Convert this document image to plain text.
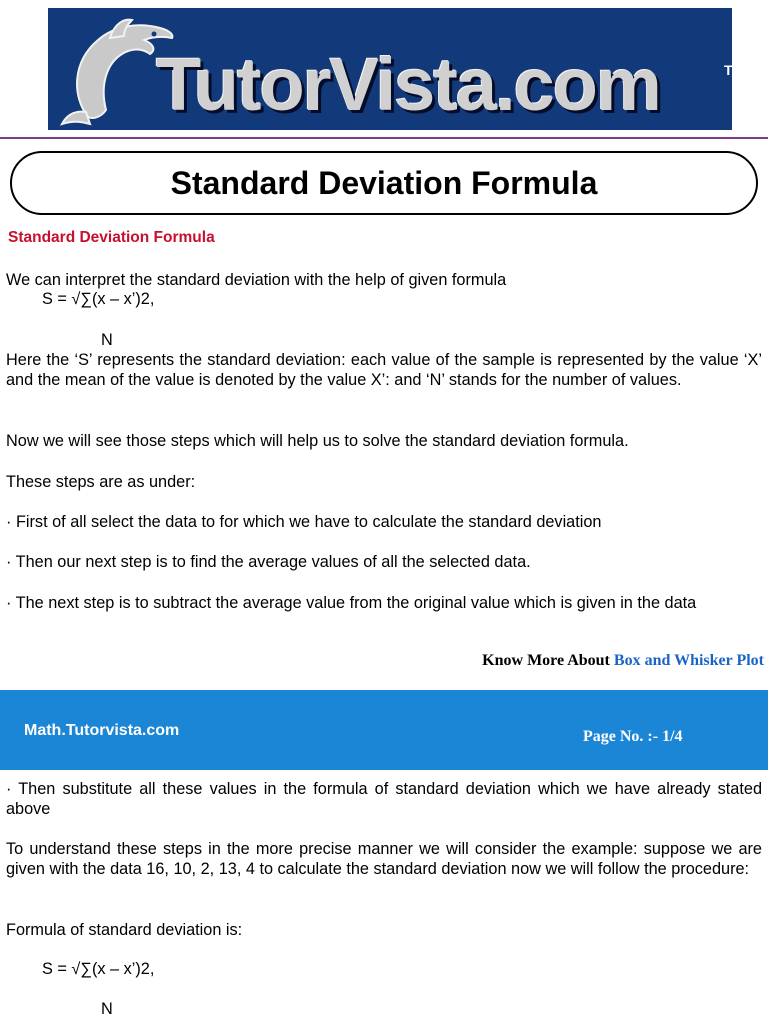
TutorVista.com	TM
Standard Deviation Formula
Standard Deviation Formula

We can interpret the standard deviation with the help of given formula

S = √∑(x – x’)2,
N

Here the ‘S’ represents the standard deviation: each value of the sample is represented by the value ‘X’ and the mean of the value is denoted by the value X’: and ‘N’ stands for the number of values.

Now we will see those steps which will help us to solve the standard deviation formula.

These steps are as under:

· First of all select the data to for which we have to calculate the standard deviation

· Then our next step is to find the average values of all the selected data.

· The next step is to subtract the average value from the original value which is given in the data

Know More About Box and Whisker Plot
Math.Tutorvista.com	Page No. :- 1/4

· Then substitute all these values in the formula of standard deviation which we have already stated above

To understand these steps in the more precise manner we will consider the example: suppose we are given with the data 16, 10, 2, 13, 4 to calculate the standard deviation now we will follow the procedure:

Formula of standard deviation is:

S = √∑(x – x’)2,
N
